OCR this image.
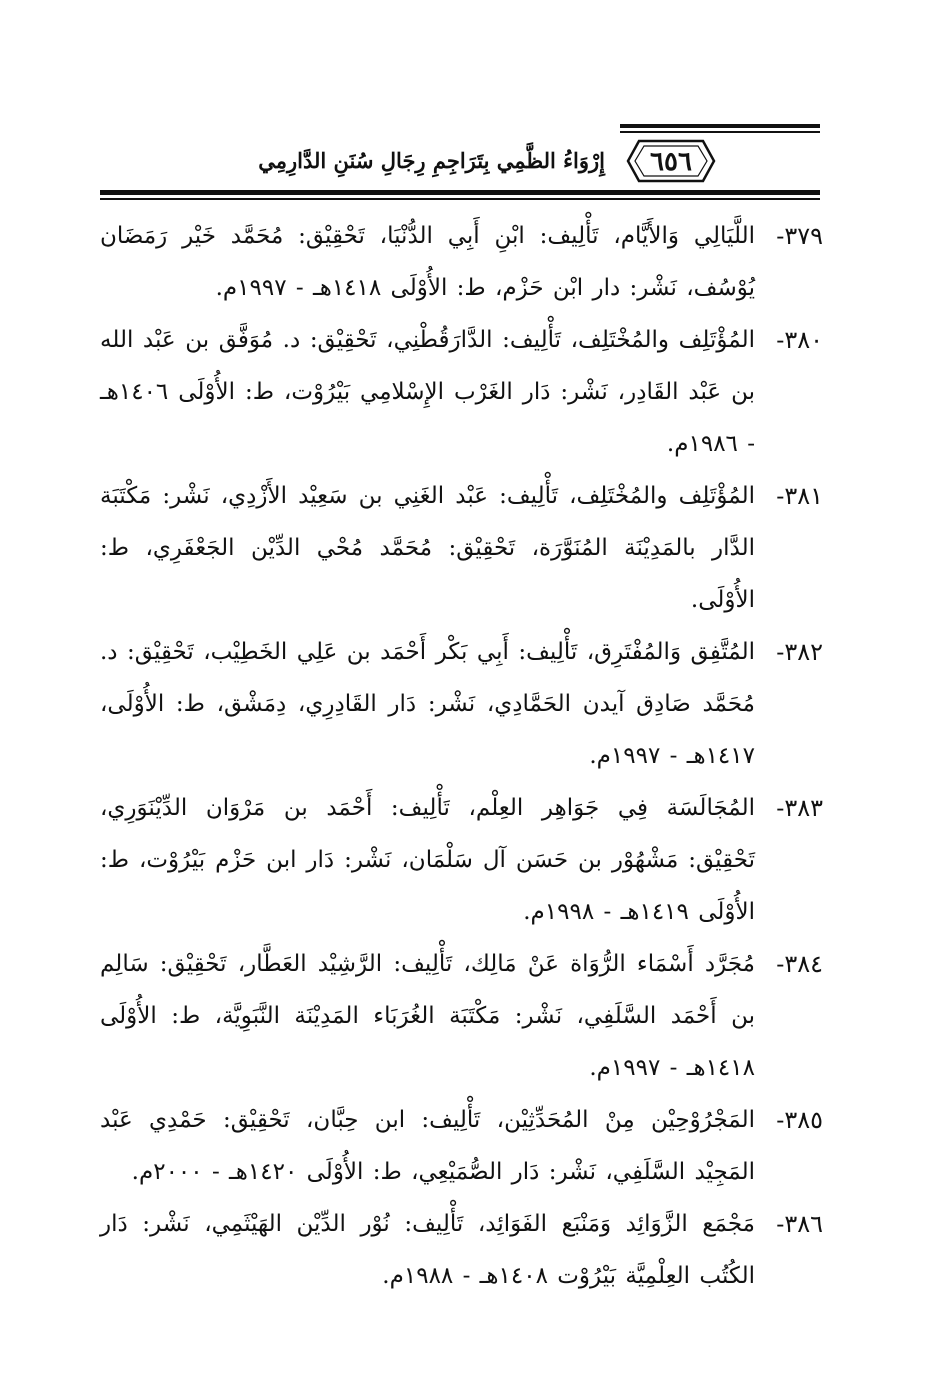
٦٥٦
إِرْوَاءُ الظَّمِي بِتَرَاجِمِ رِجَالِ سُنَنِ الدَّارِمِي
٣٧٩-
اللَّيَالِي وَالأَيَّام، تَأْلِيف: ابْنِ أَبِي الدُّنْيَا، تَحْقِيْق: مُحَمَّد خَيْر رَمَضَان يُوْسُف، نَشْر: دار ابْن حَزْم، ط: الأُوْلَى ١٤١٨هـ - ١٩٩٧م.
٣٨٠-
المُؤْتَلِف والمُخْتَلِف، تَأْلِيف: الدَّارَقُطْنِي، تَحْقِيْق: د. مُوَفَّق بن عَبْد الله بن عَبْد القَادِر، نَشْر: دَار الغَرْب الإِسْلامِي بَيْرُوْت، ط: الأُوْلَى ١٤٠٦هـ - ١٩٨٦م.
٣٨١-
المُؤْتَلِف والمُخْتَلِف، تَأْلِيف: عَبْد الغَنِي بن سَعِيْد الأَزْدِي، نَشْر: مَكْتَبَة الدَّار بالمَدِيْنَة المُنَوَّرَة، تَحْقِيْق: مُحَمَّد مُحْي الدِّيْن الجَعْفَرِي، ط: الأُوْلَى.
٣٨٢-
المُتَّفِق وَالمُفْتَرِق، تَأْلِيف: أَبِي بَكْر أَحْمَد بن عَلِي الخَطِيْب، تَحْقِيْق: د. مُحَمَّد صَادِق آيدن الحَمَّادِي، نَشْر: دَار القَادِرِي، دِمَشْق، ط: الأُوْلَى، ١٤١٧هـ - ١٩٩٧م.
٣٨٣-
المُجَالَسَة فِي جَوَاهِر العِلْم، تَأْلِيف: أَحْمَد بن مَرْوَان الدِّيْنَوَرِي، تَحْقِيْق: مَشْهُوْر بن حَسَن آل سَلْمَان، نَشْر: دَار ابن حَزْم بَيْرُوْت، ط: الأُوْلَى ١٤١٩هـ - ١٩٩٨م.
٣٨٤-
مُجَرَّد أَسْمَاء الرُّوَاة عَنْ مَالِك، تَأْلِيف: الرَّشِيْد العَطَّار، تَحْقِيْق: سَالِم بن أَحْمَد السَّلَفِي، نَشْر: مَكْتَبَة الغُرَبَاء المَدِيْنَة النَّبَوِيَّة، ط: الأُوْلَى ١٤١٨هـ - ١٩٩٧م.
٣٨٥-
المَجْرُوْحِيْن مِنْ المُحَدِّثِيْن، تَأْلِيف: ابن حِبَّان، تَحْقِيْق: حَمْدِي عَبْد المَجِيْد السَّلَفِي، نَشْر: دَار الصُّمَيْعِي، ط: الأُوْلَى ١٤٢٠هـ - ٢٠٠٠م.
٣٨٦-
مَجْمَع الزَّوَائِد وَمَنْبَع الفَوَائِد، تَأْلِيف: نُوْر الدِّيْن الهَيْثَمِي، نَشْر: دَار الكُتُب العِلْمِيَّة بَيْرُوْت ١٤٠٨هـ - ١٩٨٨م.
